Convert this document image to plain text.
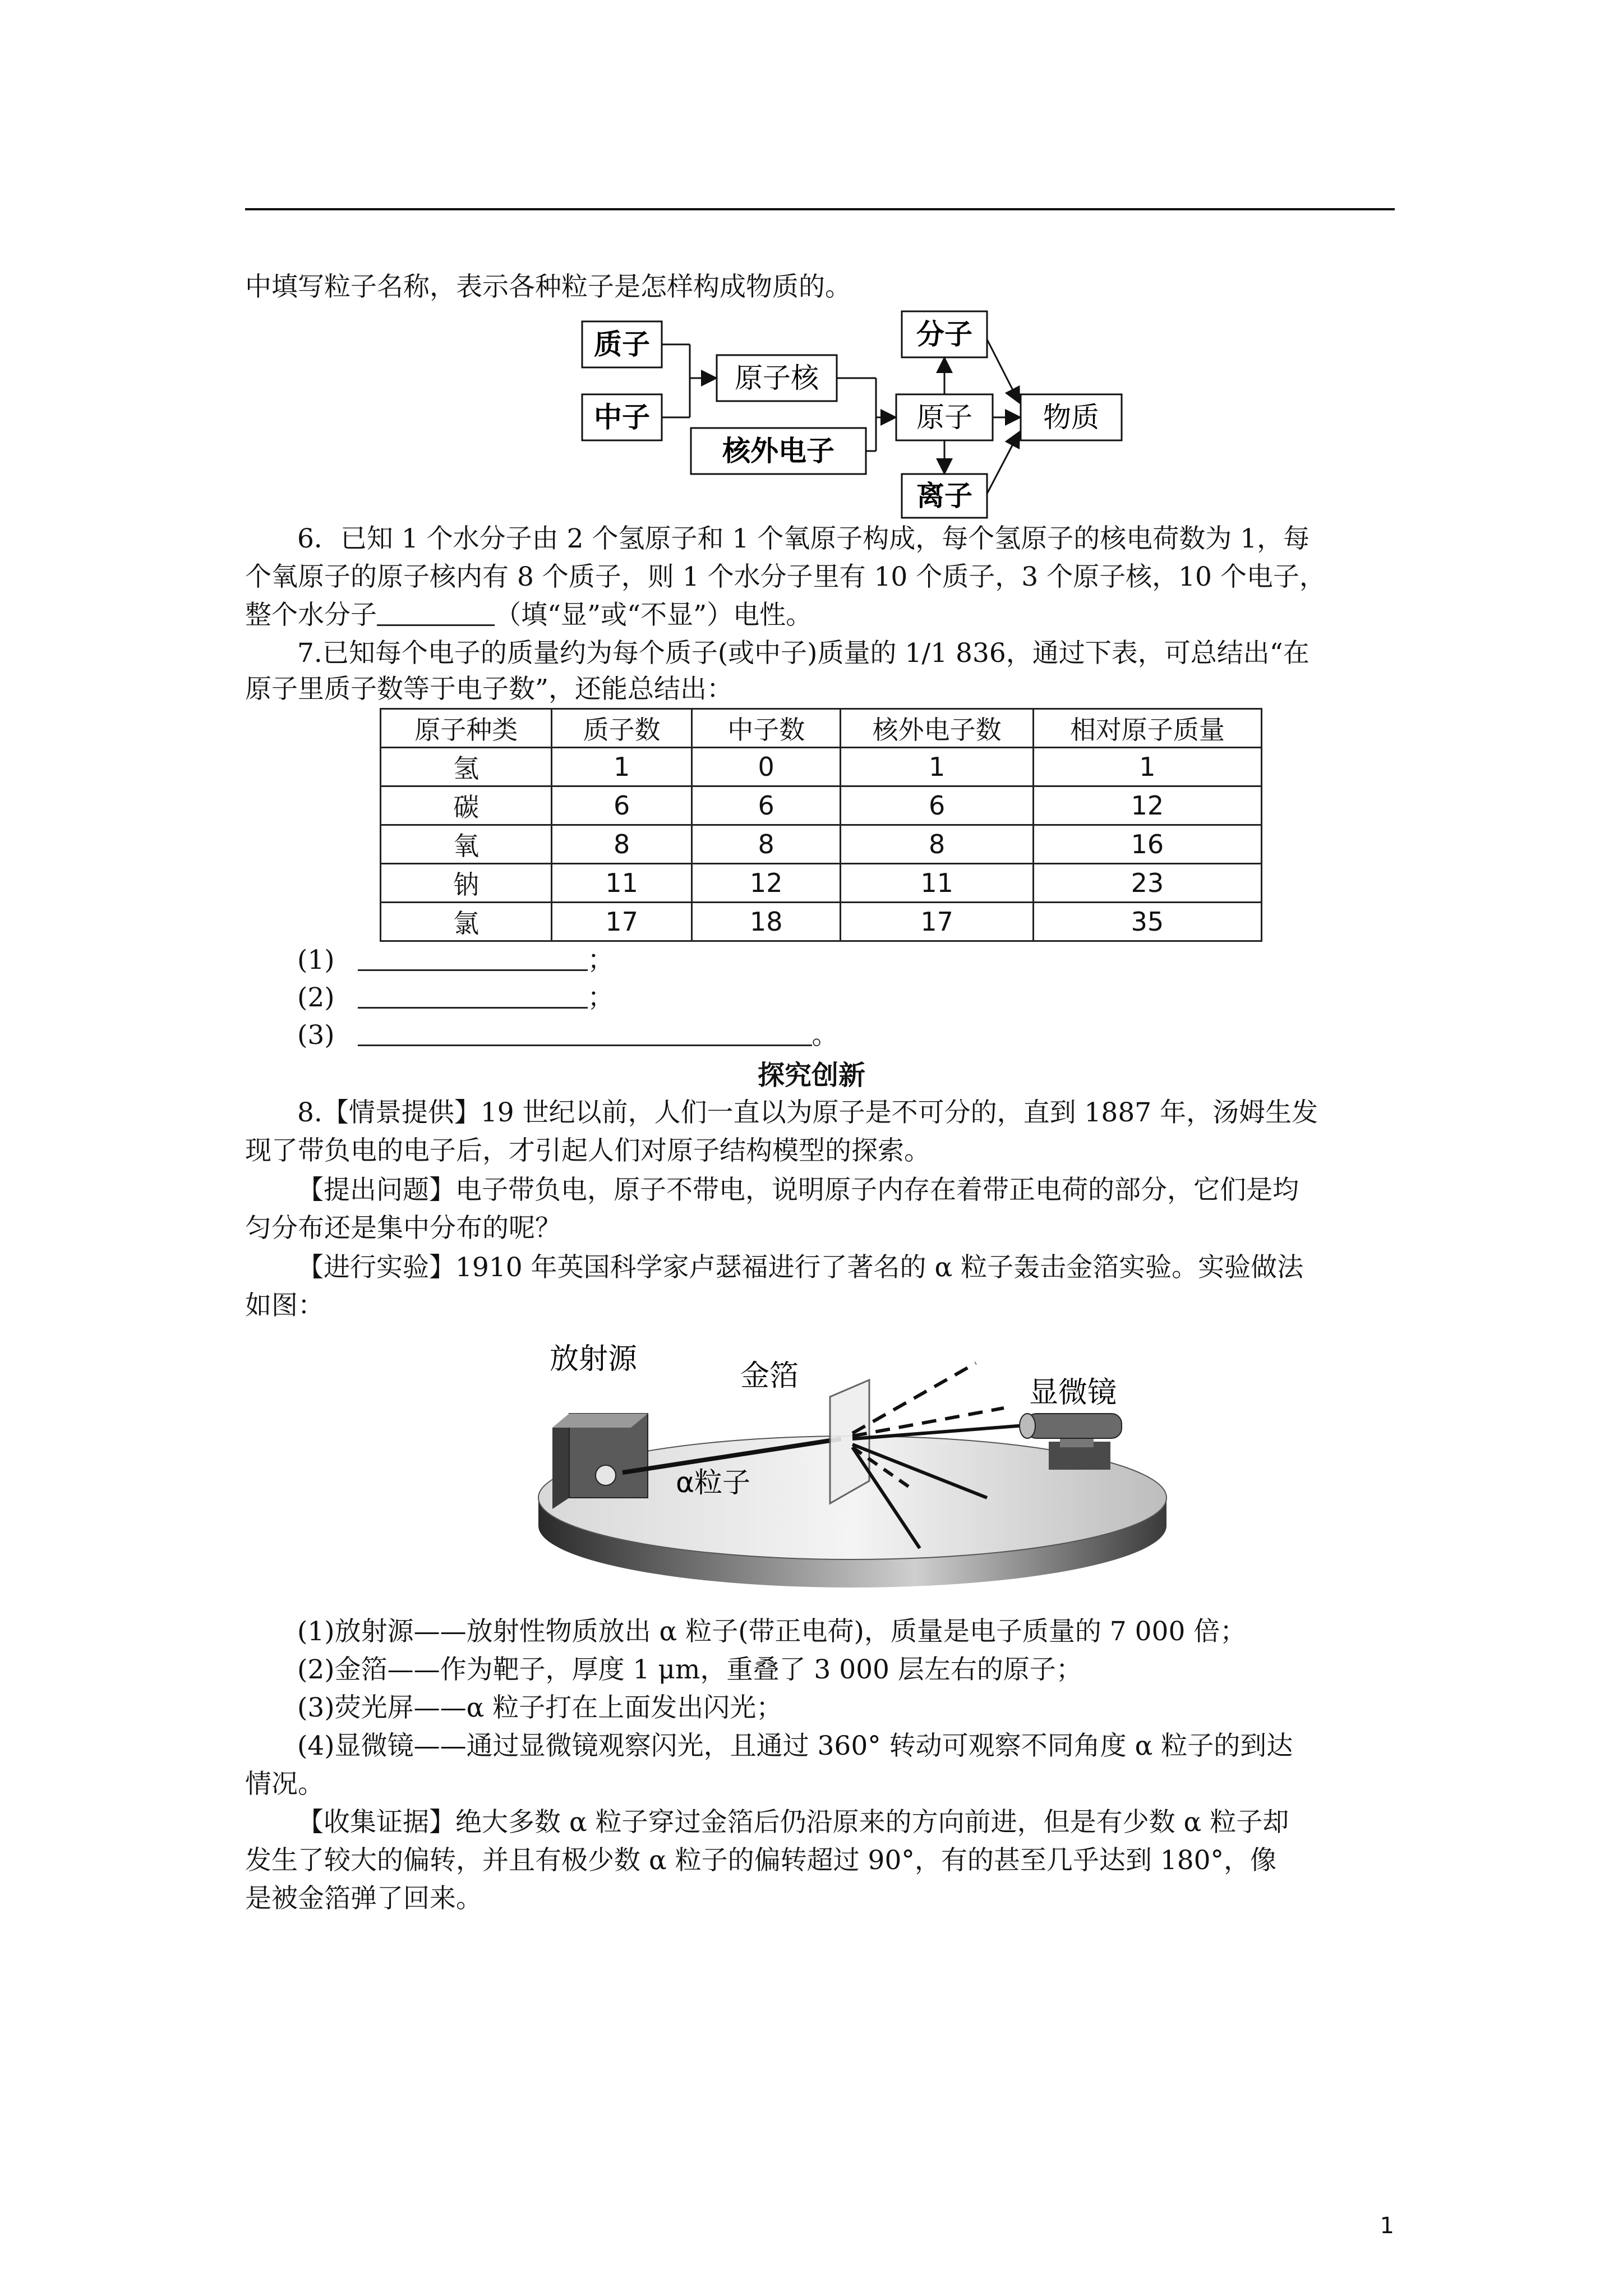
中填写粒子名称，表示各种粒子是怎样构成物质的。
质子
中子
原子核
核外电子
分子
原子
离子
物质
6．已知 1 个水分子由 2 个氢原子和 1 个氧原子构成，每个氢原子的核电荷数为 1，每
个氧原子的原子核内有 8 个质子，则 1 个水分子里有 10 个质子，3 个原子核，10 个电子，
整个水分子	（填“显”或“不显”）电性。
7.已知每个电子的质量约为每个质子(或中子)质量的 1/1 836，通过下表，可总结出“在
原子里质子数等于电子数”，还能总结出：
原子种类	质子数	中子数	核外电子数	相对原子质量
氢	1	0	1	1
碳	6	6	6	12
氧	8	8	8	16
钠	11	12	11	23
氯	17	18	17	35
(1)	；
(2)	；
(3)	。
探究创新
8.【情景提供】19 世纪以前，人们一直以为原子是不可分的，直到 1887 年，汤姆生发
现了带负电的电子后，才引起人们对原子结构模型的探索。
【提出问题】电子带负电，原子不带电，说明原子内存在着带正电荷的部分，它们是均
匀分布还是集中分布的呢？
【进行实验】1910 年英国科学家卢瑟福进行了著名的 α 粒子轰击金箔实验。实验做法
如图：
放射源	金箔	显微镜
α粒子
(1)放射源——放射性物质放出 α 粒子(带正电荷)，质量是电子质量的 7 000 倍；
(2)金箔——作为靶子，厚度 1 μm，重叠了 3 000 层左右的原子；
(3)荧光屏——α 粒子打在上面发出闪光；
(4)显微镜——通过显微镜观察闪光，且通过 360° 转动可观察不同角度 α 粒子的到达
情况。
【收集证据】绝大多数 α 粒子穿过金箔后仍沿原来的方向前进，但是有少数 α 粒子却
发生了较大的偏转，并且有极少数 α 粒子的偏转超过 90°，有的甚至几乎达到 180°，像
是被金箔弹了回来。
1
